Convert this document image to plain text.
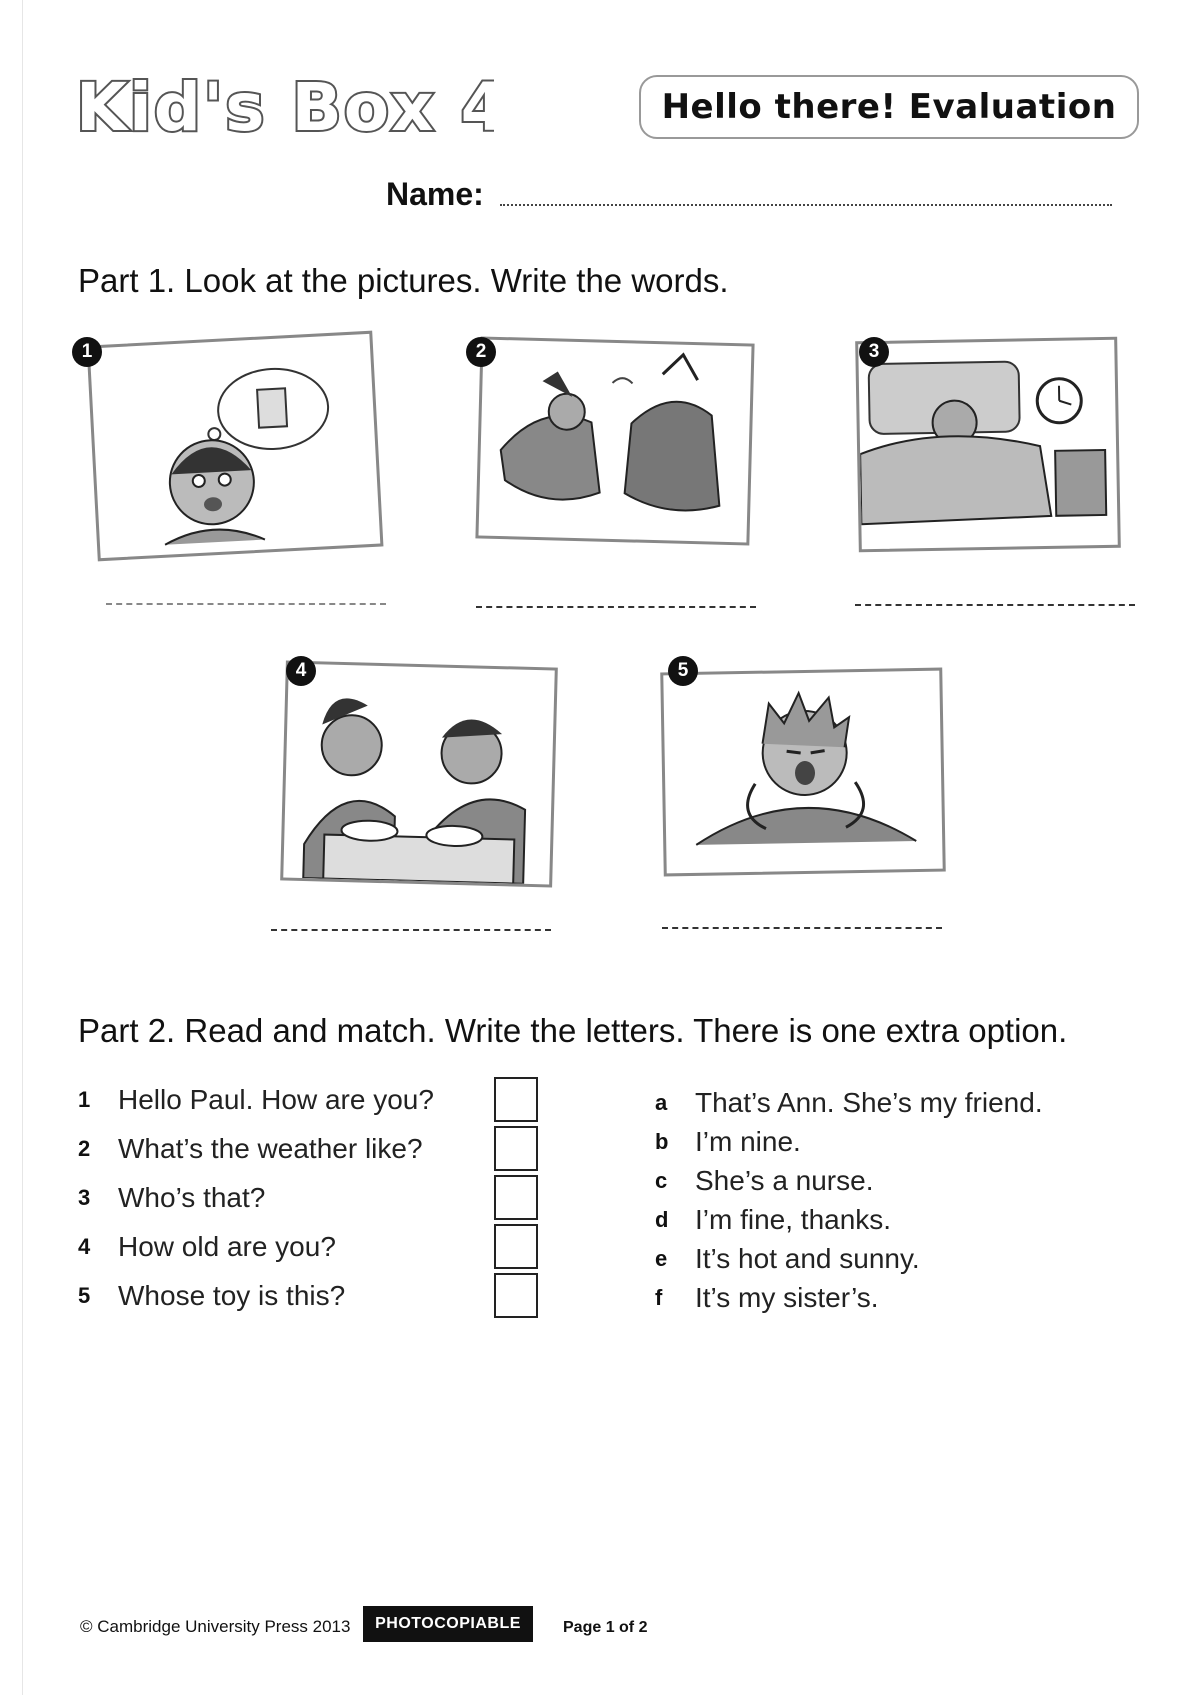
Kid's Box 4	Hello there! Evaluation
Name:
Part 1. Look at the pictures. Write the words.
1	2	3
4	5
Part 2. Read and match. Write the letters. There is one extra option.
1 Hello Paul. How are you?
2 What’s the weather like?
3 Who’s that?
4 How old are you?
5 Whose toy is this?
a That’s Ann. She’s my friend.
b I’m nine.
c She’s a nurse.
d I’m fine, thanks.
e It’s hot and sunny.
f	It’s my sister’s.
© Cambridge University Press 2013	PHOTOCOPIABLE	Page 1 of 2
